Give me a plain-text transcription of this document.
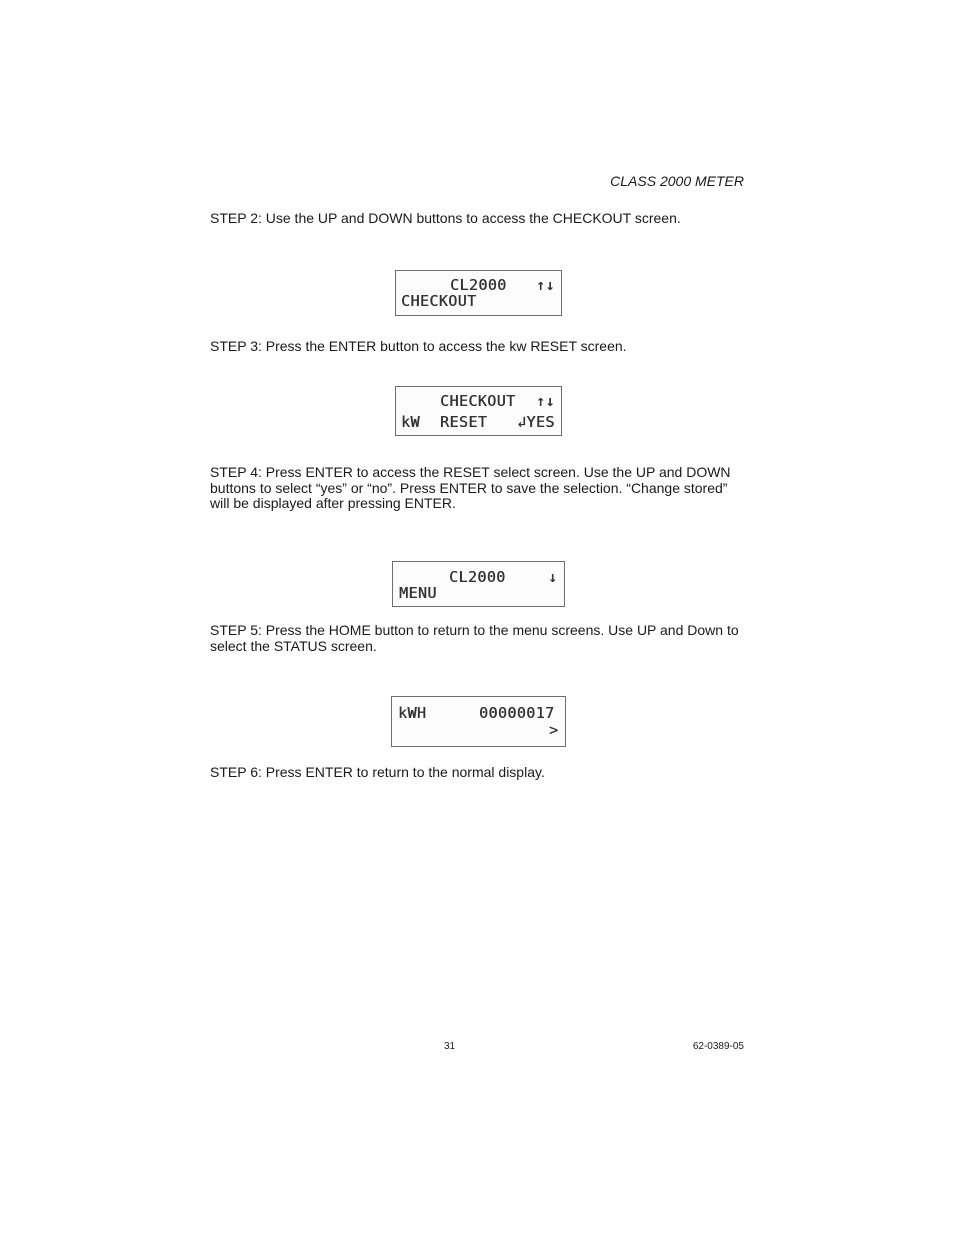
CLASS 2000 METER
STEP 2: Use the UP and DOWN buttons to access the CHECKOUT screen.
CL2000 ↑↓
CHECKOUT
STEP 3: Press the ENTER button to access the kw RESET screen.
CHECKOUT ↑↓
kW RESET ↲YES
STEP 4: Press ENTER to access the RESET select screen. Use the UP and DOWN buttons to select “yes” or “no”. Press ENTER to save the selection. “Change stored” will be displayed after pressing ENTER.
CL2000	↓
MENU
STEP 5: Press the HOME button to return to the menu screens. Use UP and Down to select the STATUS screen.
kWH	00000017
>
STEP 6: Press ENTER to return to the normal display.
31	62-0389-05
